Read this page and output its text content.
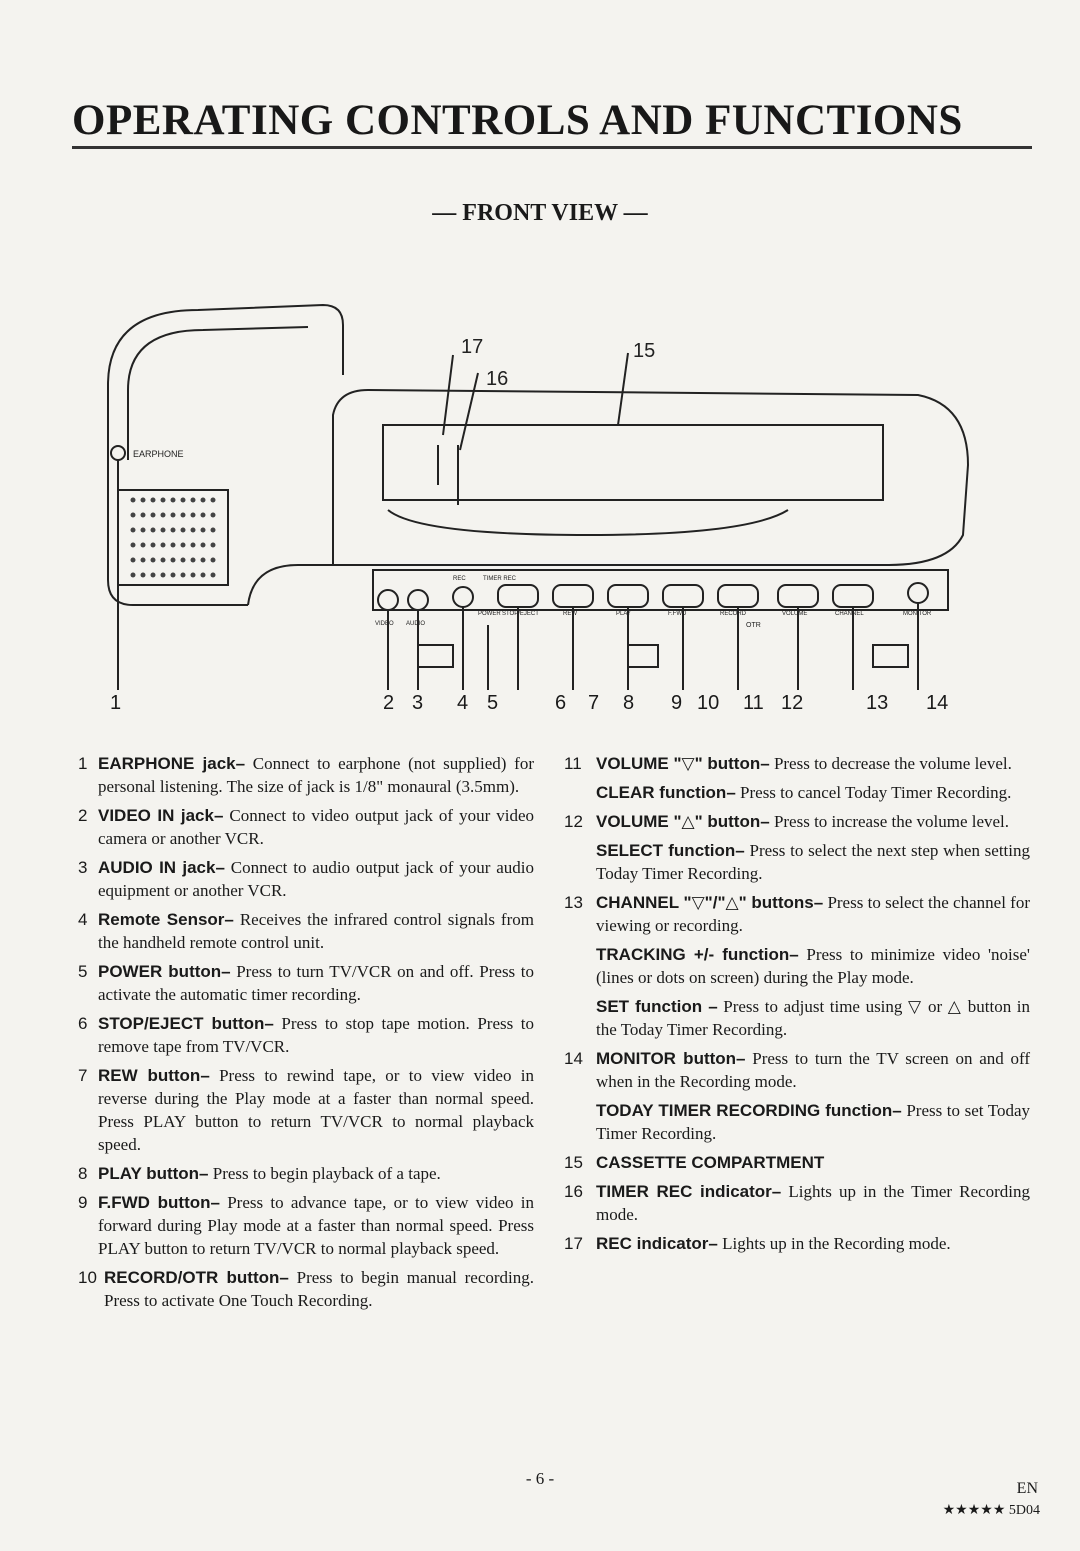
OPERATING CONTROLS AND FUNCTIONS
— FRONT VIEW —
EARPHONE
VIDEO AUDIO
REC	TIMER REC
OTR
POWER STOP/EJECT	REW	PLAY	F.FWD	RECORD	VOLUME	CHANNEL	MONITOR
17
16
15
1	2 3 4 5	6 7 8 9 10 11 12	13 14
1 EARPHONE jack– Connect to earphone (not supplied) for personal listening. The size of jack is 1/8" monaural (3.5mm).
2 VIDEO IN jack– Connect to video output jack of your video camera or another VCR.
3 AUDIO IN jack– Connect to audio output jack of your audio equipment or another VCR.
4 Remote Sensor– Receives the infrared control signals from the handheld remote control unit.
5 POWER button– Press to turn TV/VCR on and off. Press to activate the automatic timer recording.
6 STOP/EJECT button– Press to stop tape motion. Press to remove tape from TV/VCR.
7 REW button– Press to rewind tape, or to view video in reverse during the Play mode at a faster than normal speed. Press PLAY button to return TV/VCR to normal playback speed.
8 PLAY button– Press to begin playback of a tape.
9 F.FWD button– Press to advance tape, or to view video in forward during Play mode at a faster than normal speed. Press PLAY button to return TV/VCR to normal playback speed.
10 RECORD/OTR button– Press to begin manual recording. Press to activate One Touch Recording.
11 VOLUME "▽" button– Press to decrease the volume level.
CLEAR function– Press to cancel Today Timer Recording.
12 VOLUME "△" button– Press to increase the volume level.
SELECT function– Press to select the next step when setting Today Timer Recording.
13 CHANNEL "▽"/"△" buttons– Press to select the channel for viewing or recording.
TRACKING +/- function– Press to minimize video 'noise' (lines or dots on screen) during the Play mode.
SET function – Press to adjust time using ▽ or △ button in the Today Timer Recording.
14 MONITOR button– Press to turn the TV screen on and off when in the Recording mode.
TODAY TIMER RECORDING function– Press to set Today Timer Recording.
15 CASSETTE COMPARTMENT
16 TIMER REC indicator– Lights up in the Timer Recording mode.
17 REC indicator– Lights up in the Recording mode.
- 6 -
EN
★★★★★ 5D04
